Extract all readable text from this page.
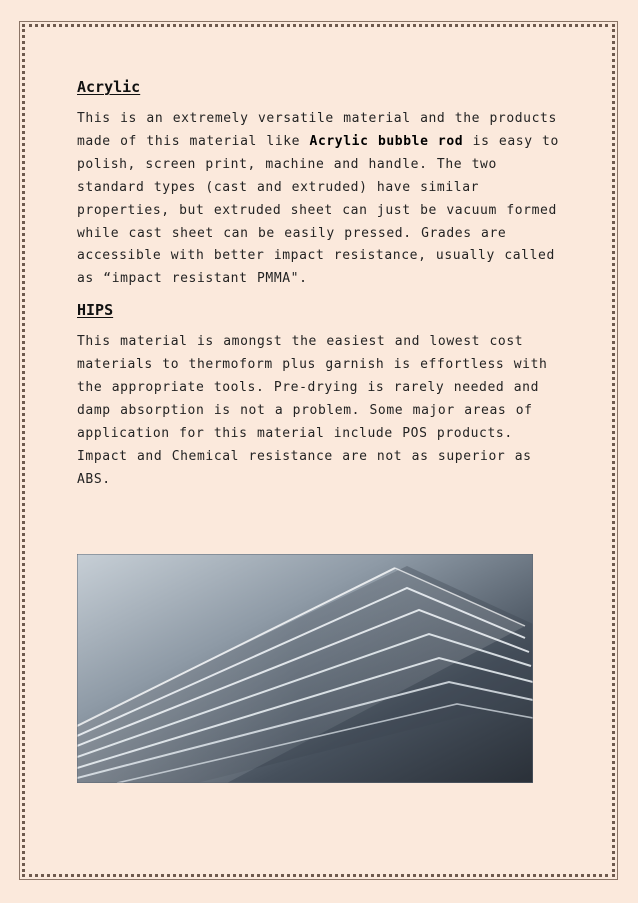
Acrylic

This is an extremely versatile material and the products made of this material like Acrylic bubble rod is easy to polish, screen print, machine and handle. The two standard types (cast and extruded) have similar properties, but extruded sheet can just be vacuum formed while cast sheet can be easily pressed. Grades are accessible with better impact resistance, usually called as “impact resistant PMMA".

HIPS

This material is amongst the easiest and lowest cost materials to thermoform plus garnish is effortless with the appropriate tools. Pre-drying is rarely needed and damp absorption is not a problem. Some major areas of application for this material include POS products. Impact and Chemical resistance are not as superior as ABS.
